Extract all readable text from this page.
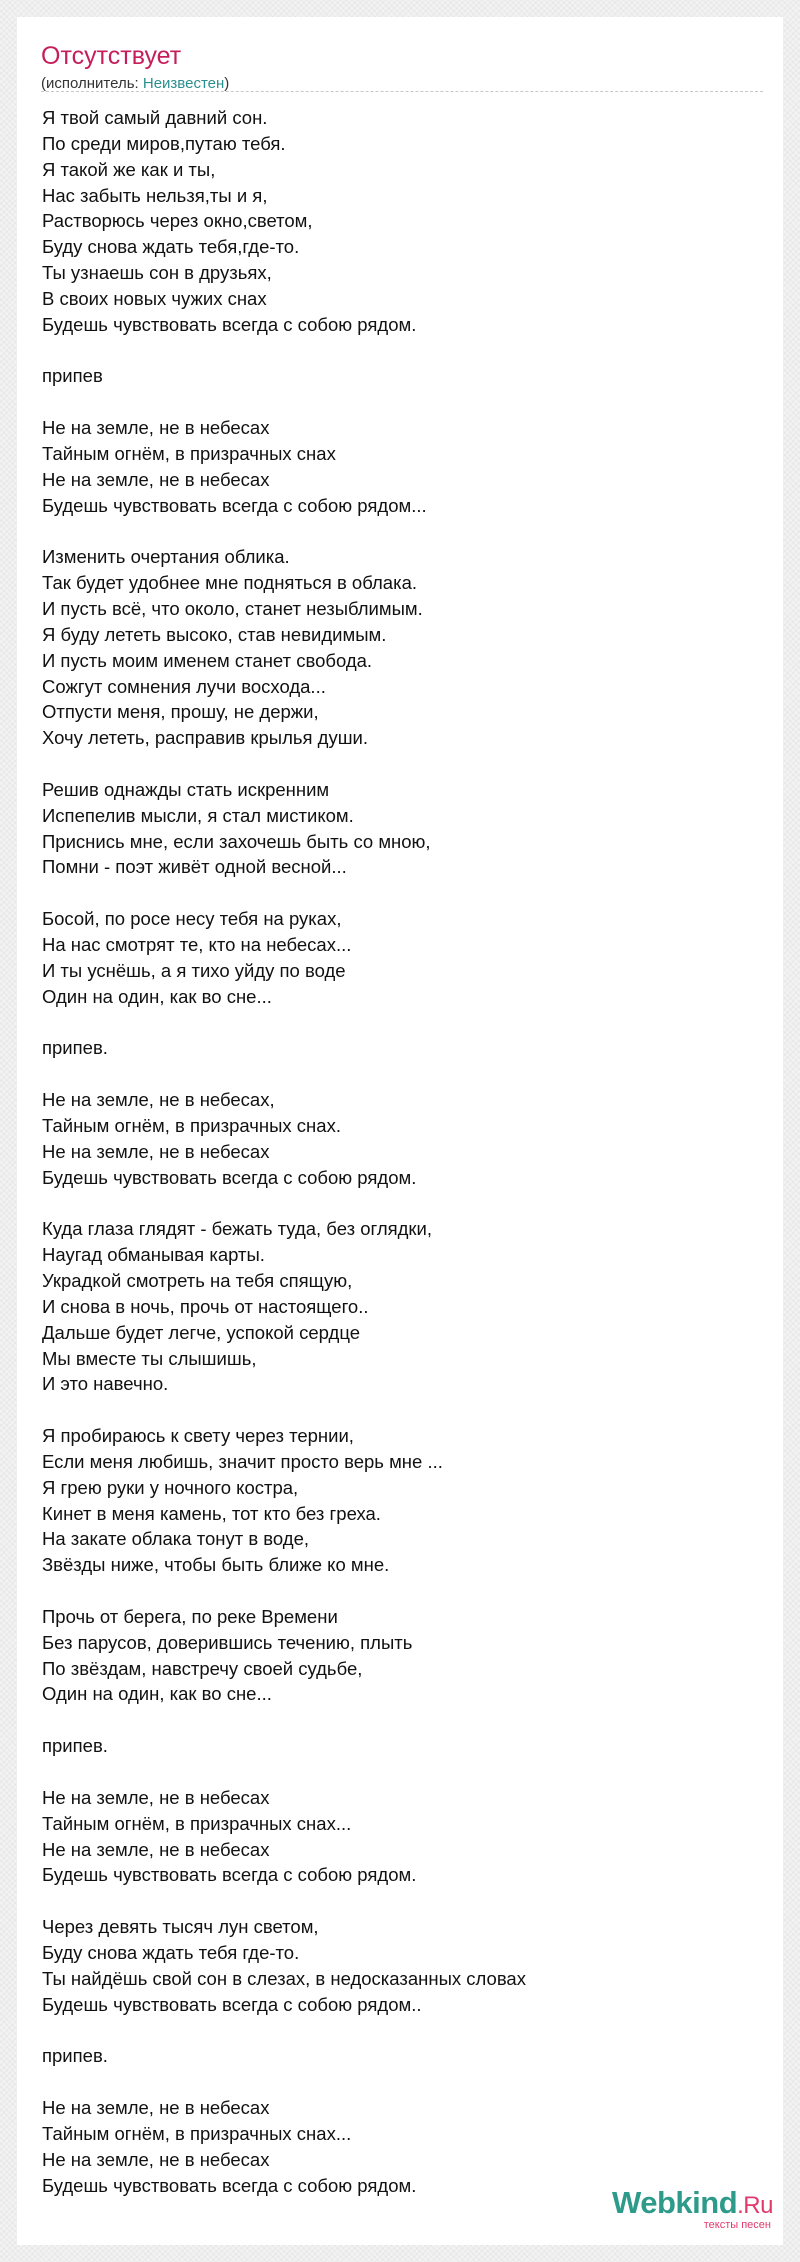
Отсутствует
(исполнитель: Неизвестен)
Я твой самый давний сон.
По среди миров,путаю тебя.
Я такой же как и ты,
Нас забыть нельзя,ты и я,
Растворюсь через окно,светом,
Буду снова ждать тебя,где-то.
Ты узнаешь сон в друзьях,
В своих новых чужих снах
Будешь чувствовать всегда с собою рядом.

припев

Не на земле, не в небесах
Тайным огнём, в призрачных снах
Не на земле, не в небесах
Будешь чувствовать всегда с собою рядом...

Изменить очертания облика.
Так будет удобнее мне подняться в облака.
И пусть всё, что около, станет незыблимым.
Я буду лететь высоко, став невидимым.
И пусть моим именем станет свобода.
Сожгут сомнения лучи восхода...
Отпусти меня, прошу, не держи,
Хочу лететь, расправив крылья души.

Решив однажды стать искренним
Испепелив мысли, я стал мистиком.
Приснись мне, если захочешь быть со мною,
Помни - поэт живёт одной весной...

Босой, по росе несу тебя на руках,
На нас смотрят те, кто на небесах...
И ты уснёшь, а я тихо уйду по воде
Один на один, как во сне...

припев.

Не на земле, не в небесах,
Тайным огнём, в призрачных снах.
Не на земле, не в небесах
Будешь чувствовать всегда с собою рядом.

Куда глаза глядят - бежать туда, без оглядки,
Наугад обманывая карты.
Украдкой смотреть на тебя спящую,
И снова в ночь, прочь от настоящего..
Дальше будет легче, успокой сердце
Мы вместе ты слышишь,
И это навечно.

Я пробираюсь к свету через тернии,
Если меня любишь, значит просто верь мне ...
Я грею руки у ночного костра,
Кинет в меня камень, тот кто без греха.
На закате облака тонут в воде,
Звёзды ниже, чтобы быть ближе ко мне.

Прочь от берега, по реке Времени
Без парусов, доверившись течению, плыть
По звёздам, навстречу своей судьбе,
Один на один, как во сне...

припев.

Не на земле, не в небесах
Тайным огнём, в призрачных снах...
Не на земле, не в небесах
Будешь чувствовать всегда с собою рядом.

Через девять тысяч лун светом,
Буду снова ждать тебя где-то.
Ты найдёшь свой сон в слезах, в недосказанных словах
Будешь чувствовать всегда с собою рядом..

припев.

Не на земле, не в небесах
Тайным огнём, в призрачных снах...
Не на земле, не в небесах
Будешь чувствовать всегда с собою рядом.	Webkind.Ru
тексты песен
